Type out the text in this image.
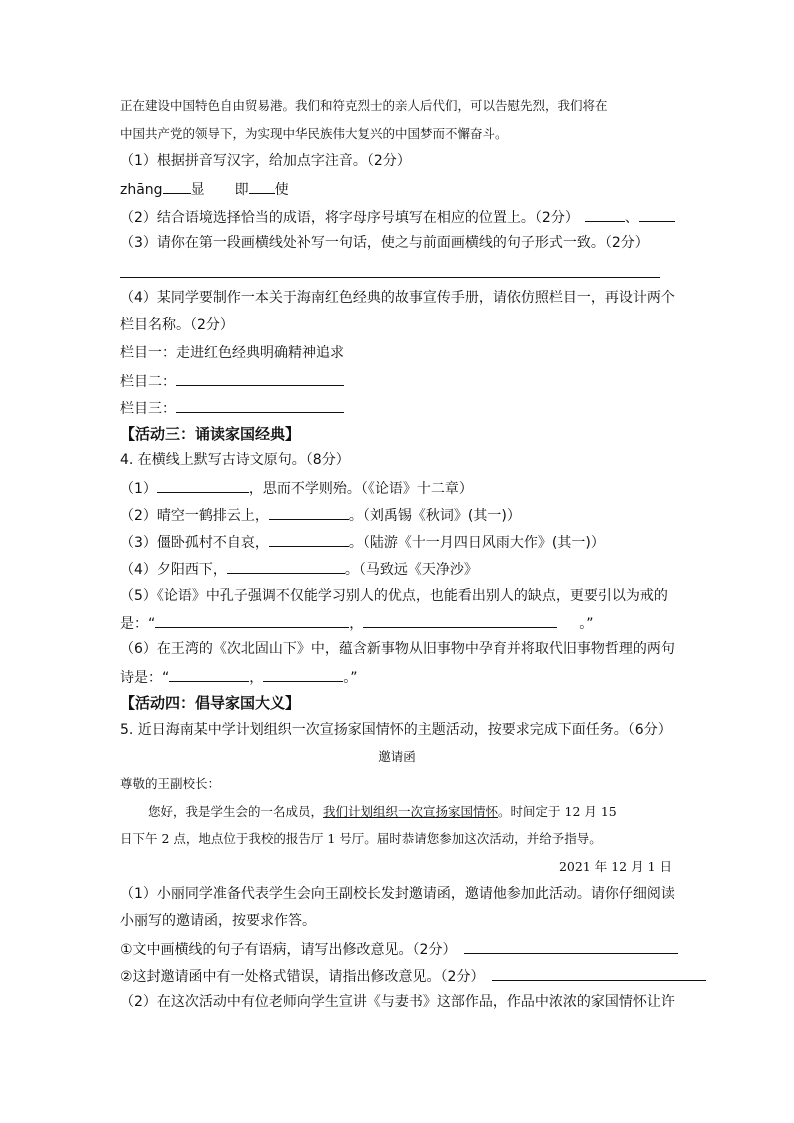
正在建设中国特色自由贸易港。我们和符克烈士的亲人后代们，可以告慰先烈，我们将在
中国共产党的领导下，为实现中华民族伟大复兴的中国梦而不懈奋斗。
（1）根据拼音写汉字，给加点字注音。（2分）
zhāng 显 即 使
（2）结合语境选择恰当的成语，将字母序号填写在相应的位置上。（2分）	、
（3）请你在第一段画横线处补写一句话，使之与前面画横线的句子形式一致。（2分）
（4）某同学要制作一本关于海南红色经典的故事宣传手册，请依仿照栏目一，再设计两个
栏目名称。（2分）
栏目一：走进红色经典明确精神追求
栏目二：
栏目三：
【活动三：诵读家国经典】
4. 在横线上默写古诗文原句。（8分）
（1）	，思而不学则殆。（《论语》十二章）
（2）晴空一鹤排云上，	。（刘禹锡《秋词》(其一)）
（3）僵卧孤村不自哀，	。（陆游《十一月四日风雨大作》(其一)）
（4）夕阳西下，	。（马致远《天净沙》
（5）《论语》中孔子强调不仅能学习别人的优点，也能看出别人的缺点，更要引以为戒的
是：“	，	。”
（6）在王湾的《次北固山下》中，蕴含新事物从旧事物中孕育并将取代旧事物哲理的两句
诗是：“	，	。”
【活动四：倡导家国大义】
5. 近日海南某中学计划组织一次宣扬家国情怀的主题活动，按要求完成下面任务。（6分）
邀请函
尊敬的王副校长：
您好，我是学生会的一名成员，我们计划组织一次宣扬家国情怀。时间定于 12 月 15
日下午 2 点，地点位于我校的报告厅 1 号厅。届时恭请您参加这次活动，并给予指导。
2021 年 12 月 1 日
（1）小丽同学准备代表学生会向王副校长发封邀请函，邀请他参加此活动。请你仔细阅读
小丽写的邀请函，按要求作答。
①文中画横线的句子有语病，请写出修改意见。（2分）
②这封邀请函中有一处格式错误，请指出修改意见。（2分）
（2）在这次活动中有位老师向学生宣讲《与妻书》这部作品，作品中浓浓的家国情怀让许
